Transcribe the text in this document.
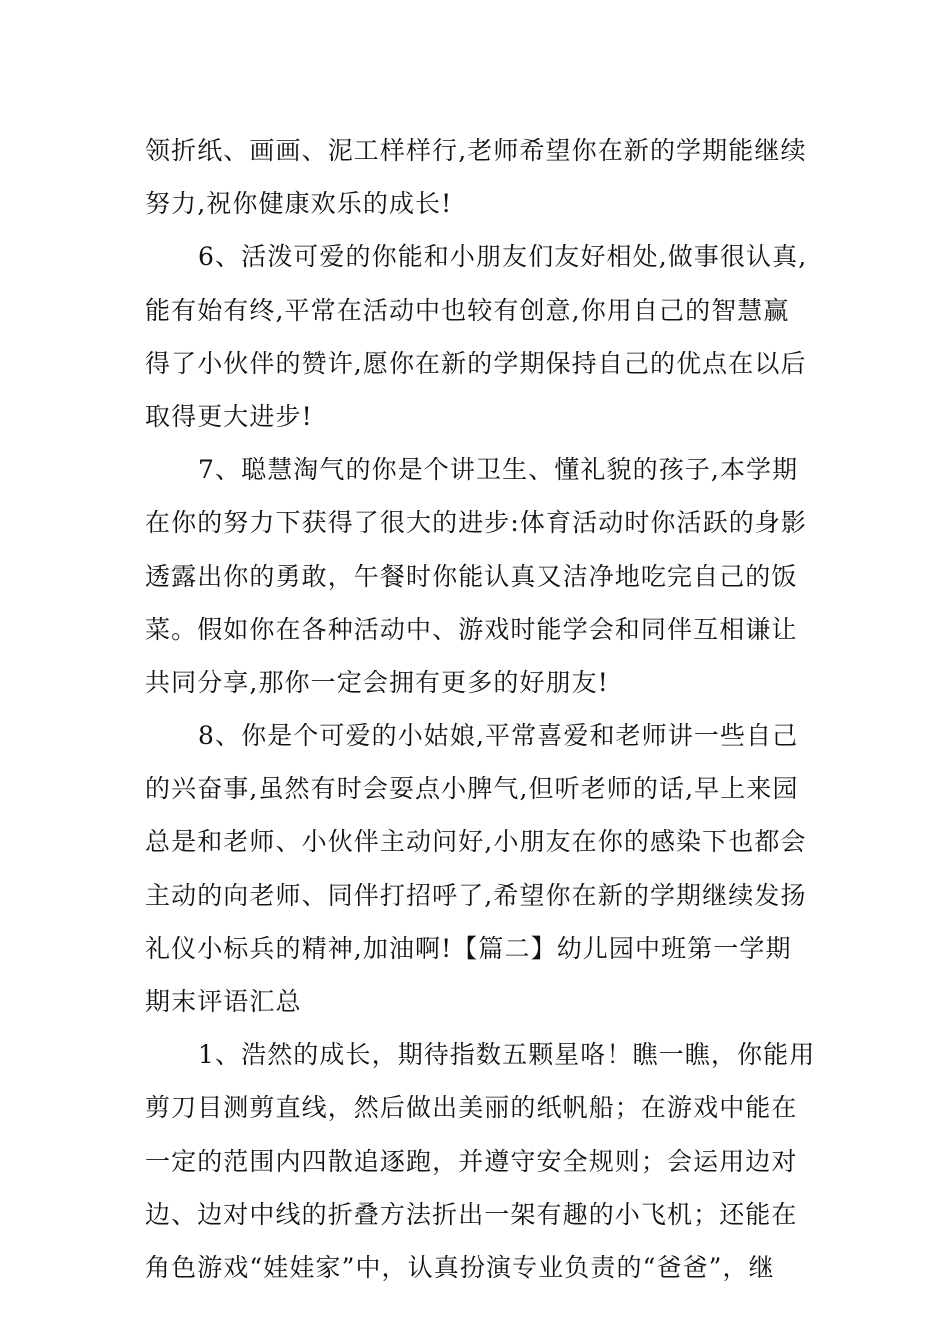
领折纸、画画、泥工样样行,老师希望你在新的学期能继续
努力,祝你健康欢乐的成长!
6、活泼可爱的你能和小朋友们友好相处,做事很认真,
能有始有终,平常在活动中也较有创意,你用自己的智慧赢
得了小伙伴的赞许,愿你在新的学期保持自己的优点在以后
取得更大进步!
7、聪慧淘气的你是个讲卫生、懂礼貌的孩子,本学期
在你的努力下获得了很大的进步:体育活动时你活跃的身影
透露出你的勇敢，午餐时你能认真又洁净地吃完自己的饭
菜。假如你在各种活动中、游戏时能学会和同伴互相谦让
共同分享,那你一定会拥有更多的好朋友!
8、你是个可爱的小姑娘,平常喜爱和老师讲一些自己
的兴奋事,虽然有时会耍点小脾气,但听老师的话,早上来园
总是和老师、小伙伴主动问好,小朋友在你的感染下也都会
主动的向老师、同伴打招呼了,希望你在新的学期继续发扬
礼仪小标兵的精神,加油啊!【篇二】幼儿园中班第一学期
期末评语汇总
1、浩然的成长，期待指数五颗星咯！瞧一瞧，你能用
剪刀目测剪直线，然后做出美丽的纸帆船；在游戏中能在
一定的范围内四散追逐跑，并遵守安全规则；会运用边对
边、边对中线的折叠方法折出一架有趣的小飞机；还能在
角色游戏“娃娃家”中，认真扮演专业负责的“爸爸”，继
